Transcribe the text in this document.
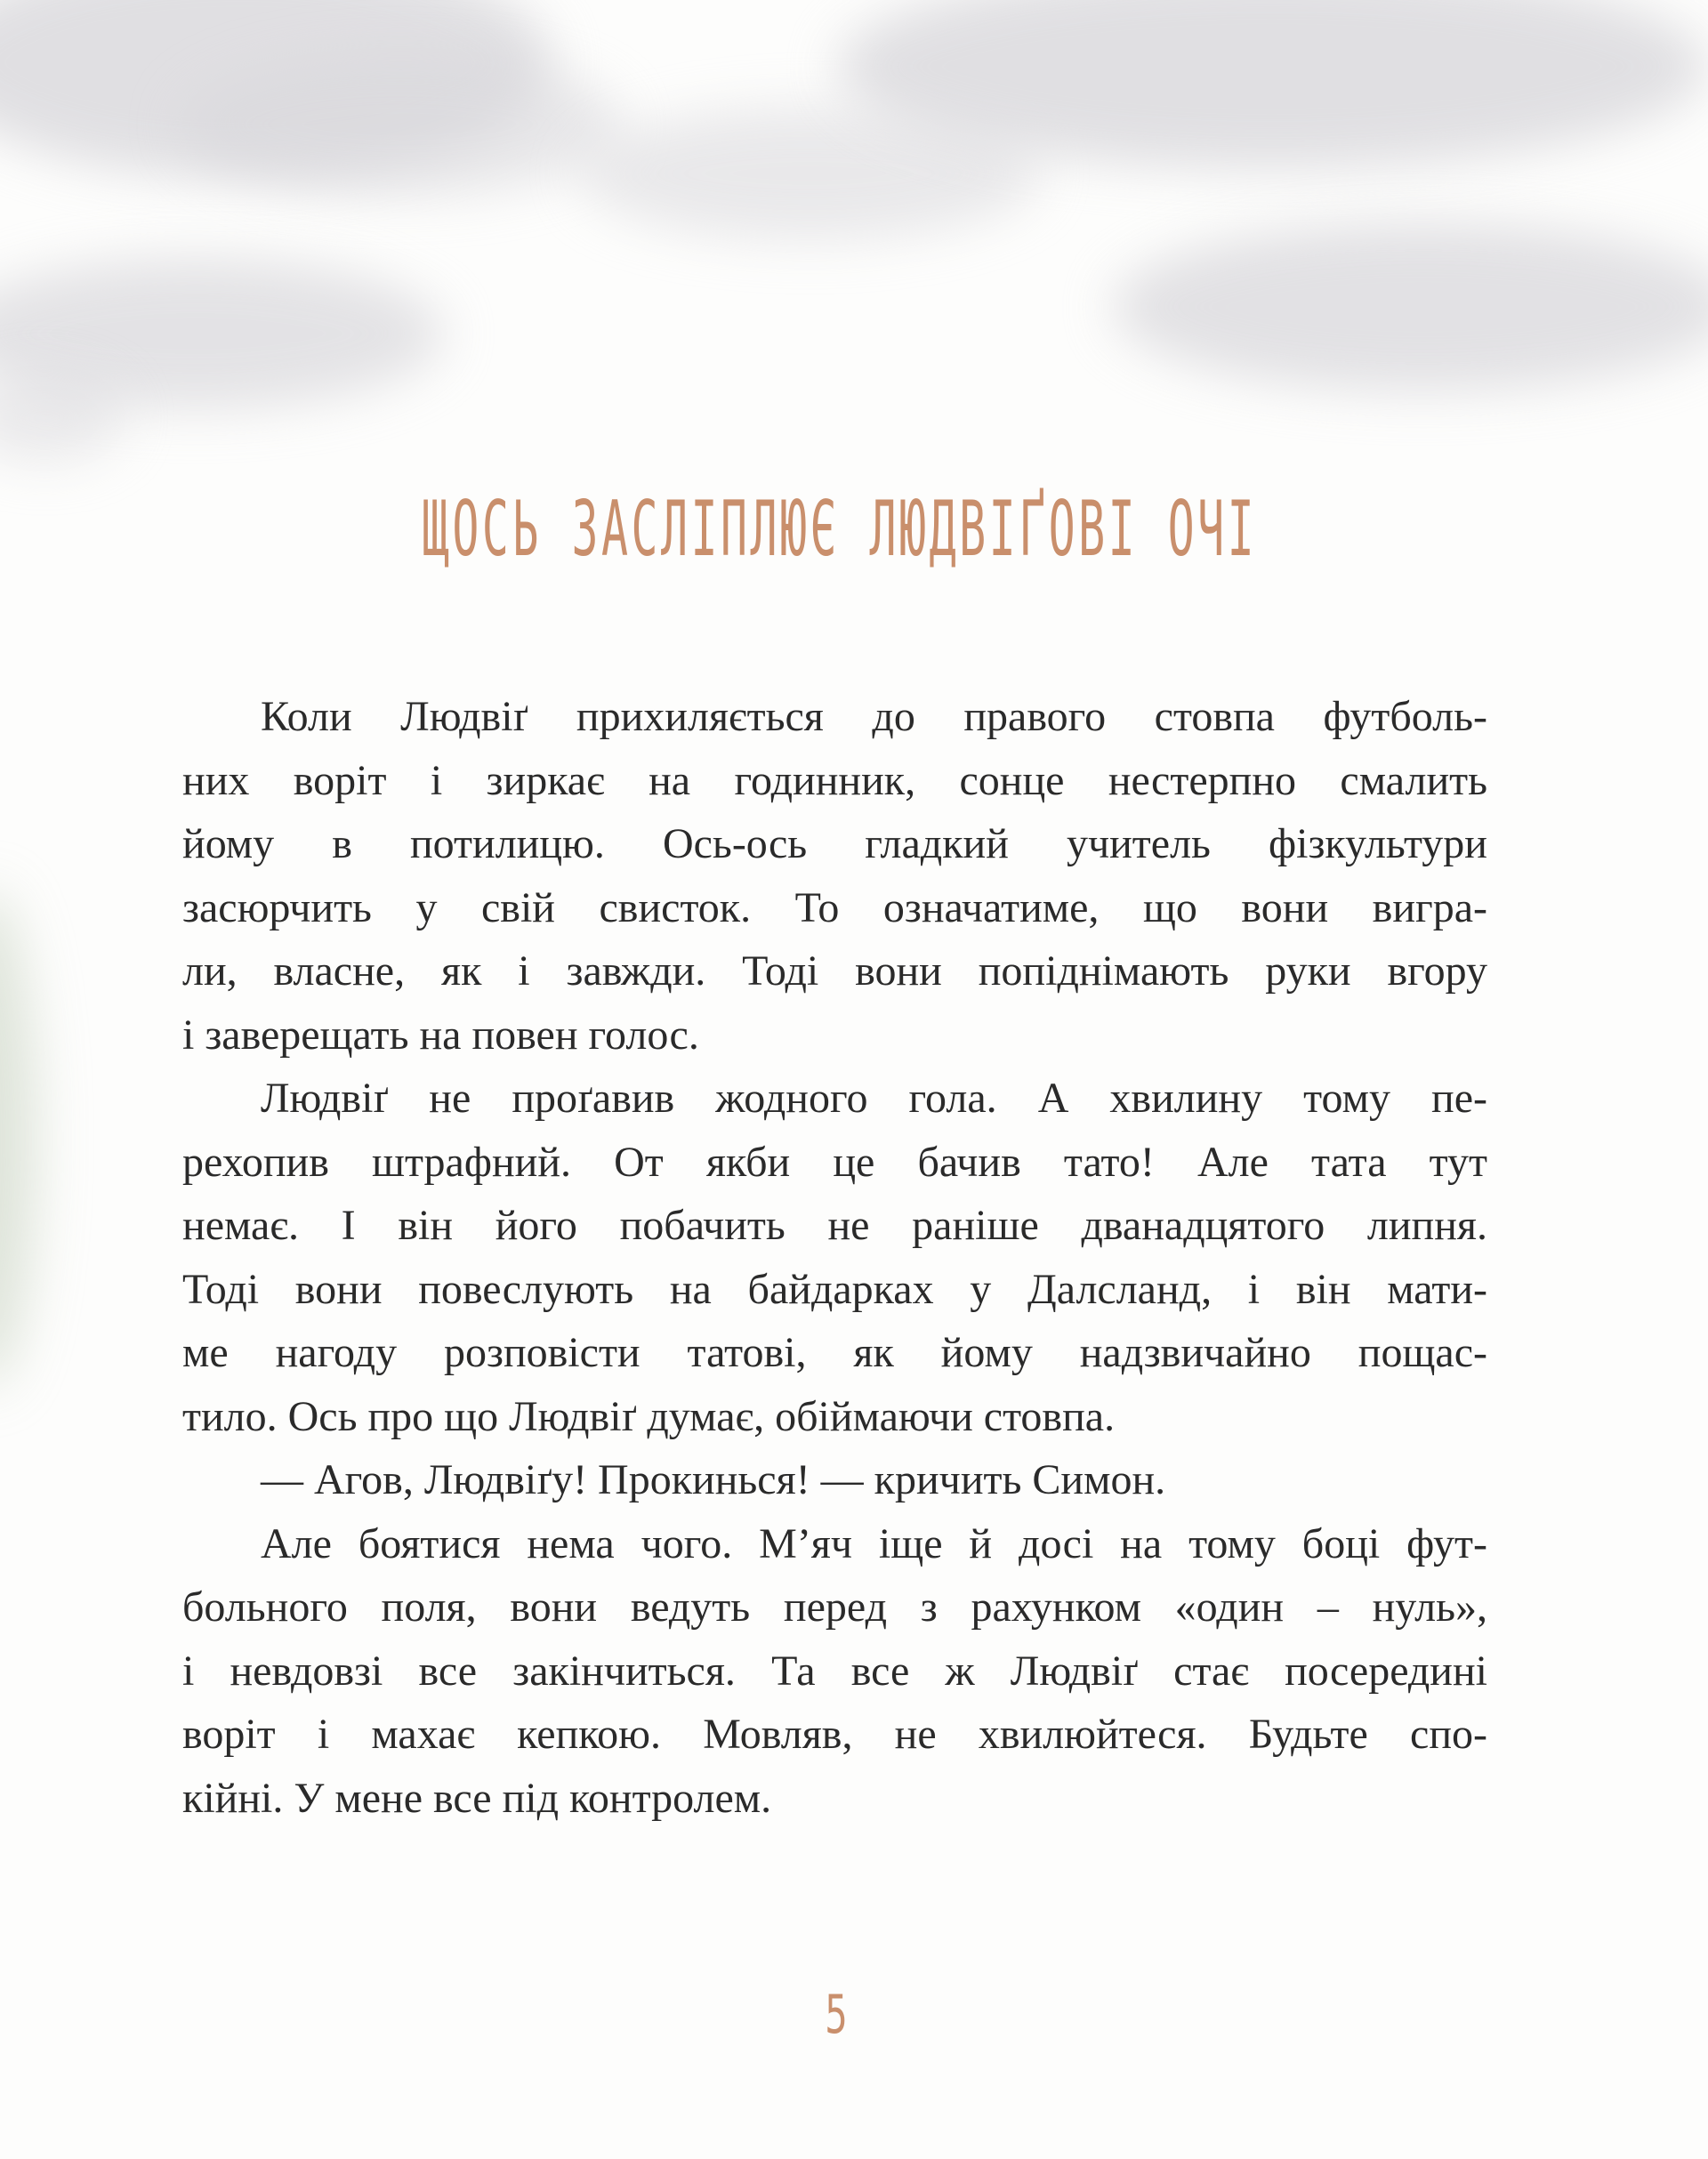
ЩОСЬ ЗАСЛІПЛЮЄ ЛЮДВІҐОВІ ОЧІ
Коли Людвіґ прихиляється до правого стовпа футболь-
них воріт і зиркає на годинник, сонце нестерпно смалить
йому в потилицю. Ось-ось гладкий учитель фізкультури
засюрчить у свій свисток. То означатиме, що вони вигра-
ли, власне, як і завжди. Тоді вони попіднімають руки вгору
і заверещать на повен голос.
Людвіґ не проґавив жодного гола. А хвилину тому пе-
рехопив штрафний. От якби це бачив тато! Але тата тут
немає. І він його побачить не раніше дванадцятого липня.
Тоді вони повеслують на байдарках у Далсланд, і він мати-
ме нагоду розповісти татові, як йому надзвичайно пощас-
тило. Ось про що Людвіґ думає, обіймаючи стовпа.
— Агов, Людвіґу! Прокинься! — кричить Симон.
Але боятися нема чого. М’яч іще й досі на тому боці фут-
больного поля, вони ведуть перед з рахунком «один – нуль»,
і невдовзі все закінчиться. Та все ж Людвіґ стає посередині
воріт і махає кепкою. Мовляв, не хвилюйтеся. Будьте спо-
кійні. У мене все під контролем.
5
